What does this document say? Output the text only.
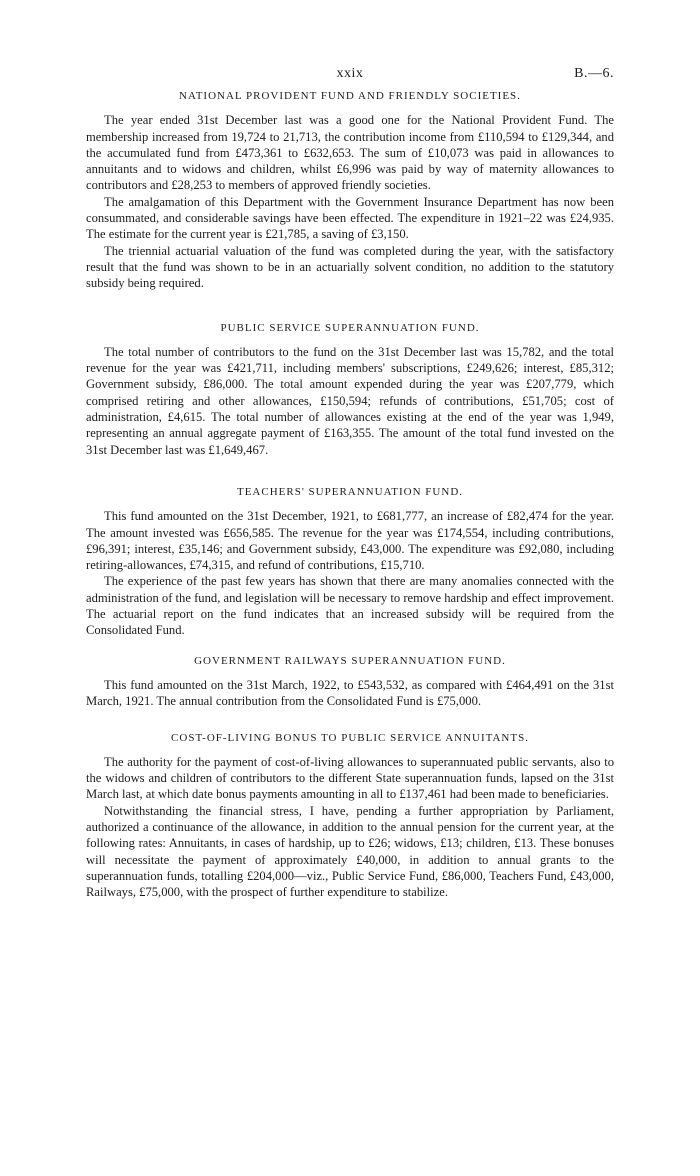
xxix	B.—6.
NATIONAL PROVIDENT FUND AND FRIENDLY SOCIETIES.

The year ended 31st December last was a good one for the National Provident Fund. The membership increased from 19,724 to 21,713, the contribution income from £110,594 to £129,344, and the accumulated fund from £473,361 to £632,653. The sum of £10,073 was paid in allowances to annuitants and to widows and children, whilst £6,996 was paid by way of maternity allowances to contributors and £28,253 to members of approved friendly societies.

The amalgamation of this Department with the Government Insurance Department has now been consummated, and considerable savings have been effected. The expenditure in 1921–22 was £24,935. The estimate for the current year is £21,785, a saving of £3,150.

The triennial actuarial valuation of the fund was completed during the year, with the satisfactory result that the fund was shown to be in an actuarially solvent condition, no addition to the statutory subsidy being required.

PUBLIC SERVICE SUPERANNUATION FUND.

The total number of contributors to the fund on the 31st December last was 15,782, and the total revenue for the year was £421,711, including members' subscriptions, £249,626; interest, £85,312; Government subsidy, £86,000. The total amount expended during the year was £207,779, which comprised retiring and other allowances, £150,594; refunds of contributions, £51,705; cost of administration, £4,615. The total number of allowances existing at the end of the year was 1,949, representing an annual aggregate payment of £163,355. The amount of the total fund invested on the 31st December last was £1,649,467.

TEACHERS' SUPERANNUATION FUND.

This fund amounted on the 31st December, 1921, to £681,777, an increase of £82,474 for the year. The amount invested was £656,585. The revenue for the year was £174,554, including contributions, £96,391; interest, £35,146; and Government subsidy, £43,000. The expenditure was £92,080, including retiring-allowances, £74,315, and refund of contributions, £15,710.

The experience of the past few years has shown that there are many anomalies connected with the administration of the fund, and legislation will be necessary to remove hardship and effect improvement. The actuarial report on the fund indicates that an increased subsidy will be required from the Consolidated Fund.

GOVERNMENT RAILWAYS SUPERANNUATION FUND.

This fund amounted on the 31st March, 1922, to £543,532, as compared with £464,491 on the 31st March, 1921. The annual contribution from the Consolidated Fund is £75,000.

COST-OF-LIVING BONUS TO PUBLIC SERVICE ANNUITANTS.

The authority for the payment of cost-of-living allowances to superannuated public servants, also to the widows and children of contributors to the different State superannuation funds, lapsed on the 31st March last, at which date bonus payments amounting in all to £137,461 had been made to beneficiaries.

Notwithstanding the financial stress, I have, pending a further appropriation by Parliament, authorized a continuance of the allowance, in addition to the annual pension for the current year, at the following rates: Annuitants, in cases of hardship, up to £26; widows, £13; children, £13. These bonuses will necessitate the payment of approximately £40,000, in addition to annual grants to the superannuation funds, totalling £204,000—viz., Public Service Fund, £86,000, Teachers Fund, £43,000, Railways, £75,000, with the prospect of further expenditure to stabilize.
